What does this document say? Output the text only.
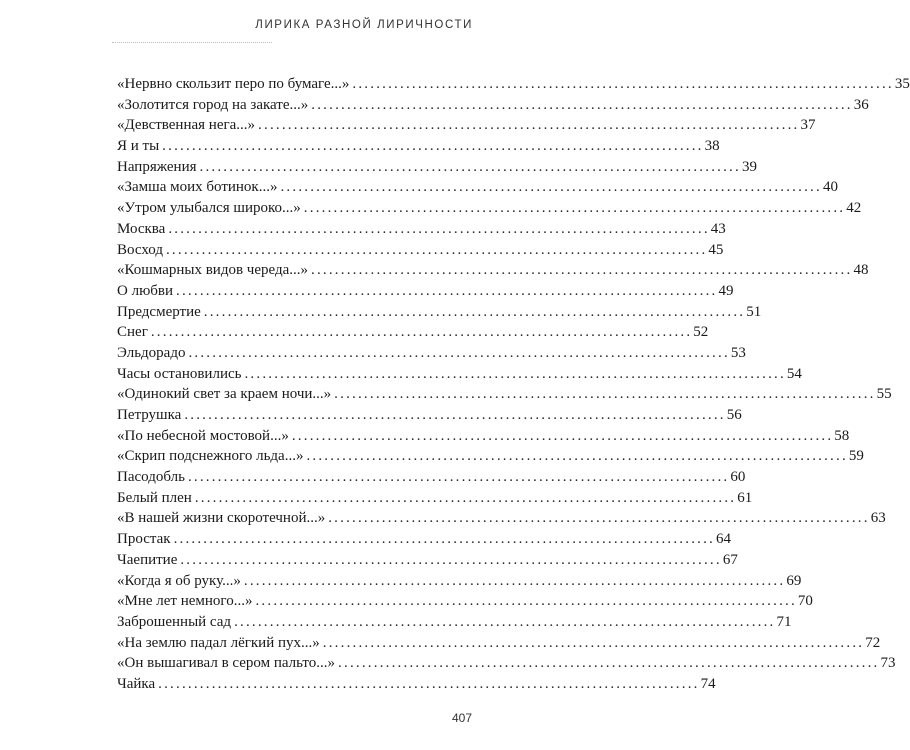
ЛИРИКА РАЗНОЙ ЛИРИЧНОСТИ
«Нервно скользит перо по бумаге...» ........................................................................................... 35
«Золотится город на закате...» ........................................................................................... 36
«Девственная нега...» ........................................................................................... 37
Я и ты ........................................................................................... 38
Напряжения ........................................................................................... 39
«Замша моих ботинок...» ........................................................................................... 40
«Утром улыбался широко...» ........................................................................................... 42
Москва ........................................................................................... 43
Восход ........................................................................................... 45
«Кошмарных видов череда...» ........................................................................................... 48
О любви ........................................................................................... 49
Предсмертие ........................................................................................... 51
Снег ........................................................................................... 52
Эльдорадо ........................................................................................... 53
Часы остановились ........................................................................................... 54
«Одинокий свет за краем ночи...» ........................................................................................... 55
Петрушка ........................................................................................... 56
«По небесной мостовой...» ........................................................................................... 58
«Скрип подснежного льда...» ........................................................................................... 59
Пасодобль ........................................................................................... 60
Белый плен ........................................................................................... 61
«В нашей жизни скоротечной...» ........................................................................................... 63
Простак ........................................................................................... 64
Чаепитие ........................................................................................... 67
«Когда я об руку...» ........................................................................................... 69
«Мне лет немного...» ........................................................................................... 70
Заброшенный сад ........................................................................................... 71
«На землю падал лёгкий пух...» ........................................................................................... 72
«Он вышагивал в сером пальто...» ........................................................................................... 73
Чайка ........................................................................................... 74
407
